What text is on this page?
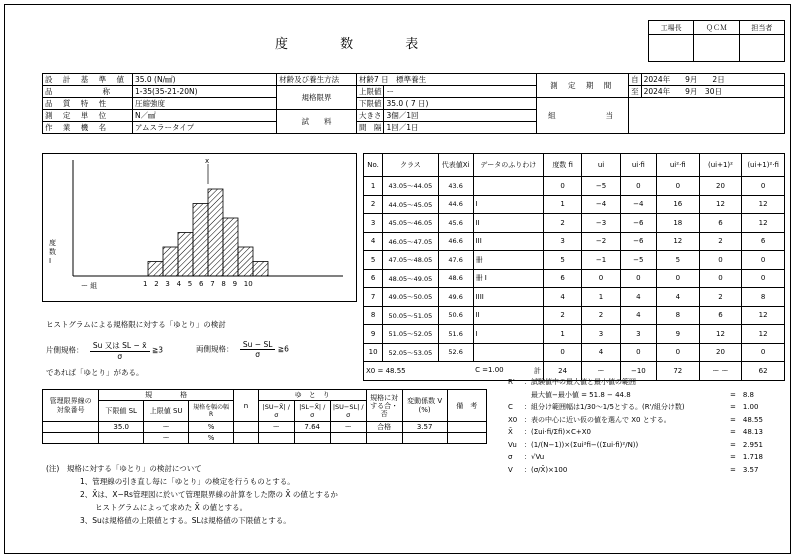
度 数 表
工場長	ＱＣＭ	担当者

設 計 基 準 値	35.0 (N/㎟)	材齢及び養生方法	材齢7 日　標準養生		測 定 期 間	自	2024年　　9月　　2日
品　　　　称	1-35(35-21-20N)	規格限界	上限値	ー		至	2024年　　9月　30日
品 質 特 性	圧縮強度		下限値	35.0 ( 7 日)	組　　　　当		
測 定 単 位	N／㎟	試　　料	大きさ	3個／1回			
作 業 機 名	アムスラータイプ		間　隔	1回／1日			
1 2 3 4 5 6 7 8 9 10
x
度 数 I
ー 組
No.	クラス	代表値Xi	データのふりわけ	度数 fi	ui	ui·fi	ui²·fi	(ui+1)²	(ui+1)²·fi
1	43.05〜44.05	43.6		0	−5	0	0	20	0
2	44.05〜45.05	44.6	I	1	−4	−4	16	12	12
3	45.05〜46.05	45.6	II	2	−3	−6	18	6	12
4	46.05〜47.05	46.6	III	3	−2	−6	12	2	6
5	47.05〜48.05	47.6	卌	5	−1	−5	5	0	0
6	48.05〜49.05	48.6	卌 I	6	0	0	0	0	0
7	49.05〜50.05	49.6	IIII	4	1	4	4	2	8
8	50.05〜51.05	50.6	II	2	2	4	8	6	12
9	51.05〜52.05	51.6	I	1	3	3	9	12	12
10	52.05〜53.05	52.6		0	4	0	0	20	0
X0 = 48.55			C =1.00 計	24	ー	−10	72	ー ー	62
ヒストグラムによる規格限に対する「ゆとり」の検討
片側規格：	Su 又は SL − x̄
σ
≧3	両側規格： $\frac{Su - SL}{\sigma}$ ≧6
であれば「ゆとり」がある。
管理限界線の
対象番号	規　　　　格			n	ゆ　と　り			規格に対する合・否	変動係数 V　(%)	備　考
	下限値 SL	上限値 SU	規格を幅の幅 R		|SU−X̄| / σ	|SL−X̄| / σ	|SU−SL| / σ			
	35.0	ー	%		ー	7.64	ー	合格	3.57	
		ー	%							
R'	：試験値中の最大値と最小値の範囲
　最大値−最小値 = 51.8 − 44.8	=　8.8
C	：組分け範囲幅は1/30〜1/5とする。(R'/組分け数)	=　1.00
X0 ：表の中心に近い仮の値を選んで X0 とする。	=　48.55
X̄	：(Σui·fi/Σfi)×C+X0	=　48.13
Vu	：(1/(N−1))×(Σui²fi−((Σui·fi)²/N))	=　2.951
σ	：√Vu	=　1.718
V	：(σ/X̄)×100	=　3.57
(注)　規格に対する「ゆとり」の検討について
1、管理線の引き直し毎に「ゆとり」の検定を行うものとする。
2、X̄は、X−Rs管理図に於いて管理限界線の計算をした際の X̄ の値とするか
　　ヒストグラムによって求めた X̄ の値とする。
3、Suは規格値の上限値とする。SLは規格値の下限値とする。
